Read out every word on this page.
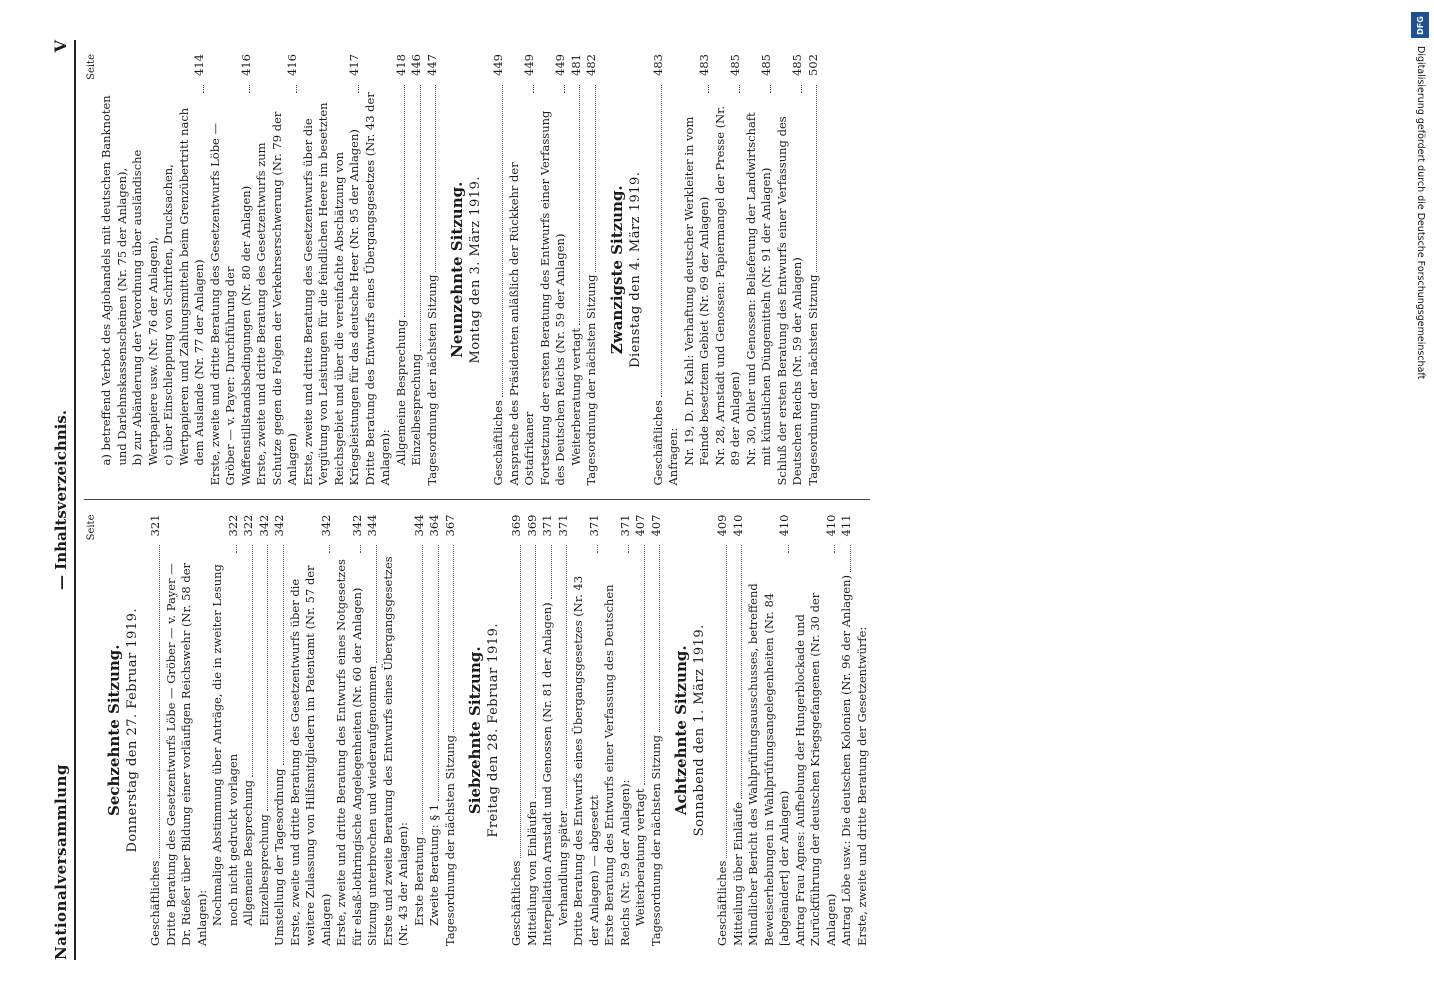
Nationalversammlung
— Inhaltsverzeichnis.
V
Seite
Sechzehnte Sitzung. Donnerstag den 27. Februar 1919.
Geschäftliches
321
Dritte Beratung des Gesetzentwurfs Löbe — Gröber — v. Payer — Dr. Rießer über Bildung einer vorläufigen Reichswehr (Nr. 58 der Anlagen): Nochmalige Abstimmung über Anträge, die in zweiter Lesung noch nicht gedruckt vorlagen
322
Allgemeine Besprechung
322
Einzelbesprechung
342
Umstellung der Tagesordnung
342
Erste, zweite und dritte Beratung des Gesetzentwurfs über die weitere Zulassung von Hilfsmitgliedern im Patentamt (Nr. 57 der Anlagen)
342
Erste, zweite und dritte Beratung des Entwurfs eines Notgesetzes für elsaß-lothringische Angelegenheiten (Nr. 60 der Anlagen)
342
Sitzung unterbrochen und wiederaufgenommen
344
Erste und zweite Beratung des Entwurfs eines Übergangsgesetzes (Nr. 43 der Anlagen): Erste Beratung
344
Zweite Beratung: § 1
364
Tagesordnung der nächsten Sitzung
367
Siebzehnte Sitzung. Freitag den 28. Februar 1919.
Geschäftliches
369
Mitteilung von Einläufen
369
Interpellation Arnstadt und Genossen (Nr. 81 der Anlagen)
371
Verhandlung später
371
Dritte Beratung des Entwurfs eines Übergangsgesetzes (Nr. 43 der Anlagen) — abgesetzt
371
Erste Beratung des Entwurfs einer Verfassung des Deutschen Reichs (Nr. 59 der Anlagen):
371
Weiterberatung vertagt
407
Tagesordnung der nächsten Sitzung
407
Achtzehnte Sitzung. Sonnabend den 1. März 1919.
Geschäftliches
409
Mitteilung über Einläufe
410
Mündlicher Bericht des Wahlprüfungsausschusses, betreffend Beweiserhebungen in Wahlprüfungsangelegenheiten (Nr. 84 [abgeändert] der Anlagen)
410
Antrag Frau Agnes: Aufhebung der Hungerblockade und Zurückführung der deutschen Kriegsgefangenen (Nr. 30 der Anlagen)
410
Antrag Löbe usw.: Die deutschen Kolonien (Nr. 96 der Anlagen)
411
Erste, zweite und dritte Beratung der Gesetzentwürfe:
Seite
a) betreffend Verbot des Agiohandels mit deutschen Banknoten und Darlehnskassenscheinen (Nr. 75 der Anlagen), b) zur Abänderung der Verordnung über ausländische Wertpapiere usw. (Nr. 76 der Anlagen), c) über Einschleppung von Schriften, Drucksachen, Wertpapieren und Zahlungsmitteln beim Grenzübertritt nach dem Auslande (Nr. 77 der Anlagen)
414
Erste, zweite und dritte Beratung des Gesetzentwurfs Löbe — Gröber — v. Payer: Durchführung der Waffenstillstandsbedingungen (Nr. 80 der Anlagen)
416
Erste, zweite und dritte Beratung des Gesetzentwurfs zum Schutze gegen die Folgen der Verkehrserschwerung (Nr. 79 der Anlagen)
416
Erste, zweite und dritte Beratung des Gesetzentwurfs über die Vergütung von Leistungen für die feindlichen Heere im besetzten Reichsgebiet und über die vereinfachte Abschätzung von Kriegsleistungen für das deutsche Heer (Nr. 95 der Anlagen)
417
Dritte Beratung des Entwurfs eines Übergangsgesetzes (Nr. 43 der Anlagen): Allgemeine Besprechung
418
Einzelbesprechung
446
Tagesordnung der nächsten Sitzung
447
Neunzehnte Sitzung. Montag den 3. März 1919.
Geschäftliches
449
Ansprache des Präsidenten anläßlich der Rückkehr der Ostafrikaner
449
Fortsetzung der ersten Beratung des Entwurfs einer Verfassung des Deutschen Reichs (Nr. 59 der Anlagen)
449
Weiterberatung vertagt
481
Tagesordnung der nächsten Sitzung
482
Zwanzigste Sitzung. Dienstag den 4. März 1919.
Geschäftliches
483
Anfragen: Nr. 19, D. Dr. Kahl: Verhaftung deutscher Werkleiter in vom Feinde besetztem Gebiet (Nr. 69 der Anlagen)
483
Nr. 28, Arnstadt und Genossen: Papiermangel der Presse (Nr. 89 der Anlagen)
485
Nr. 30, Ohler und Genossen: Belieferung der Landwirtschaft mit künstlichen Düngemitteln (Nr. 91 der Anlagen)
485
Schluß der ersten Beratung des Entwurfs einer Verfassung des Deutschen Reichs (Nr. 59 der Anlagen)
485
Tagesordnung der nächsten Sitzung
502
DFG
Digitalisierung gefördert durch die Deutsche Forschungsgemeinschaft
